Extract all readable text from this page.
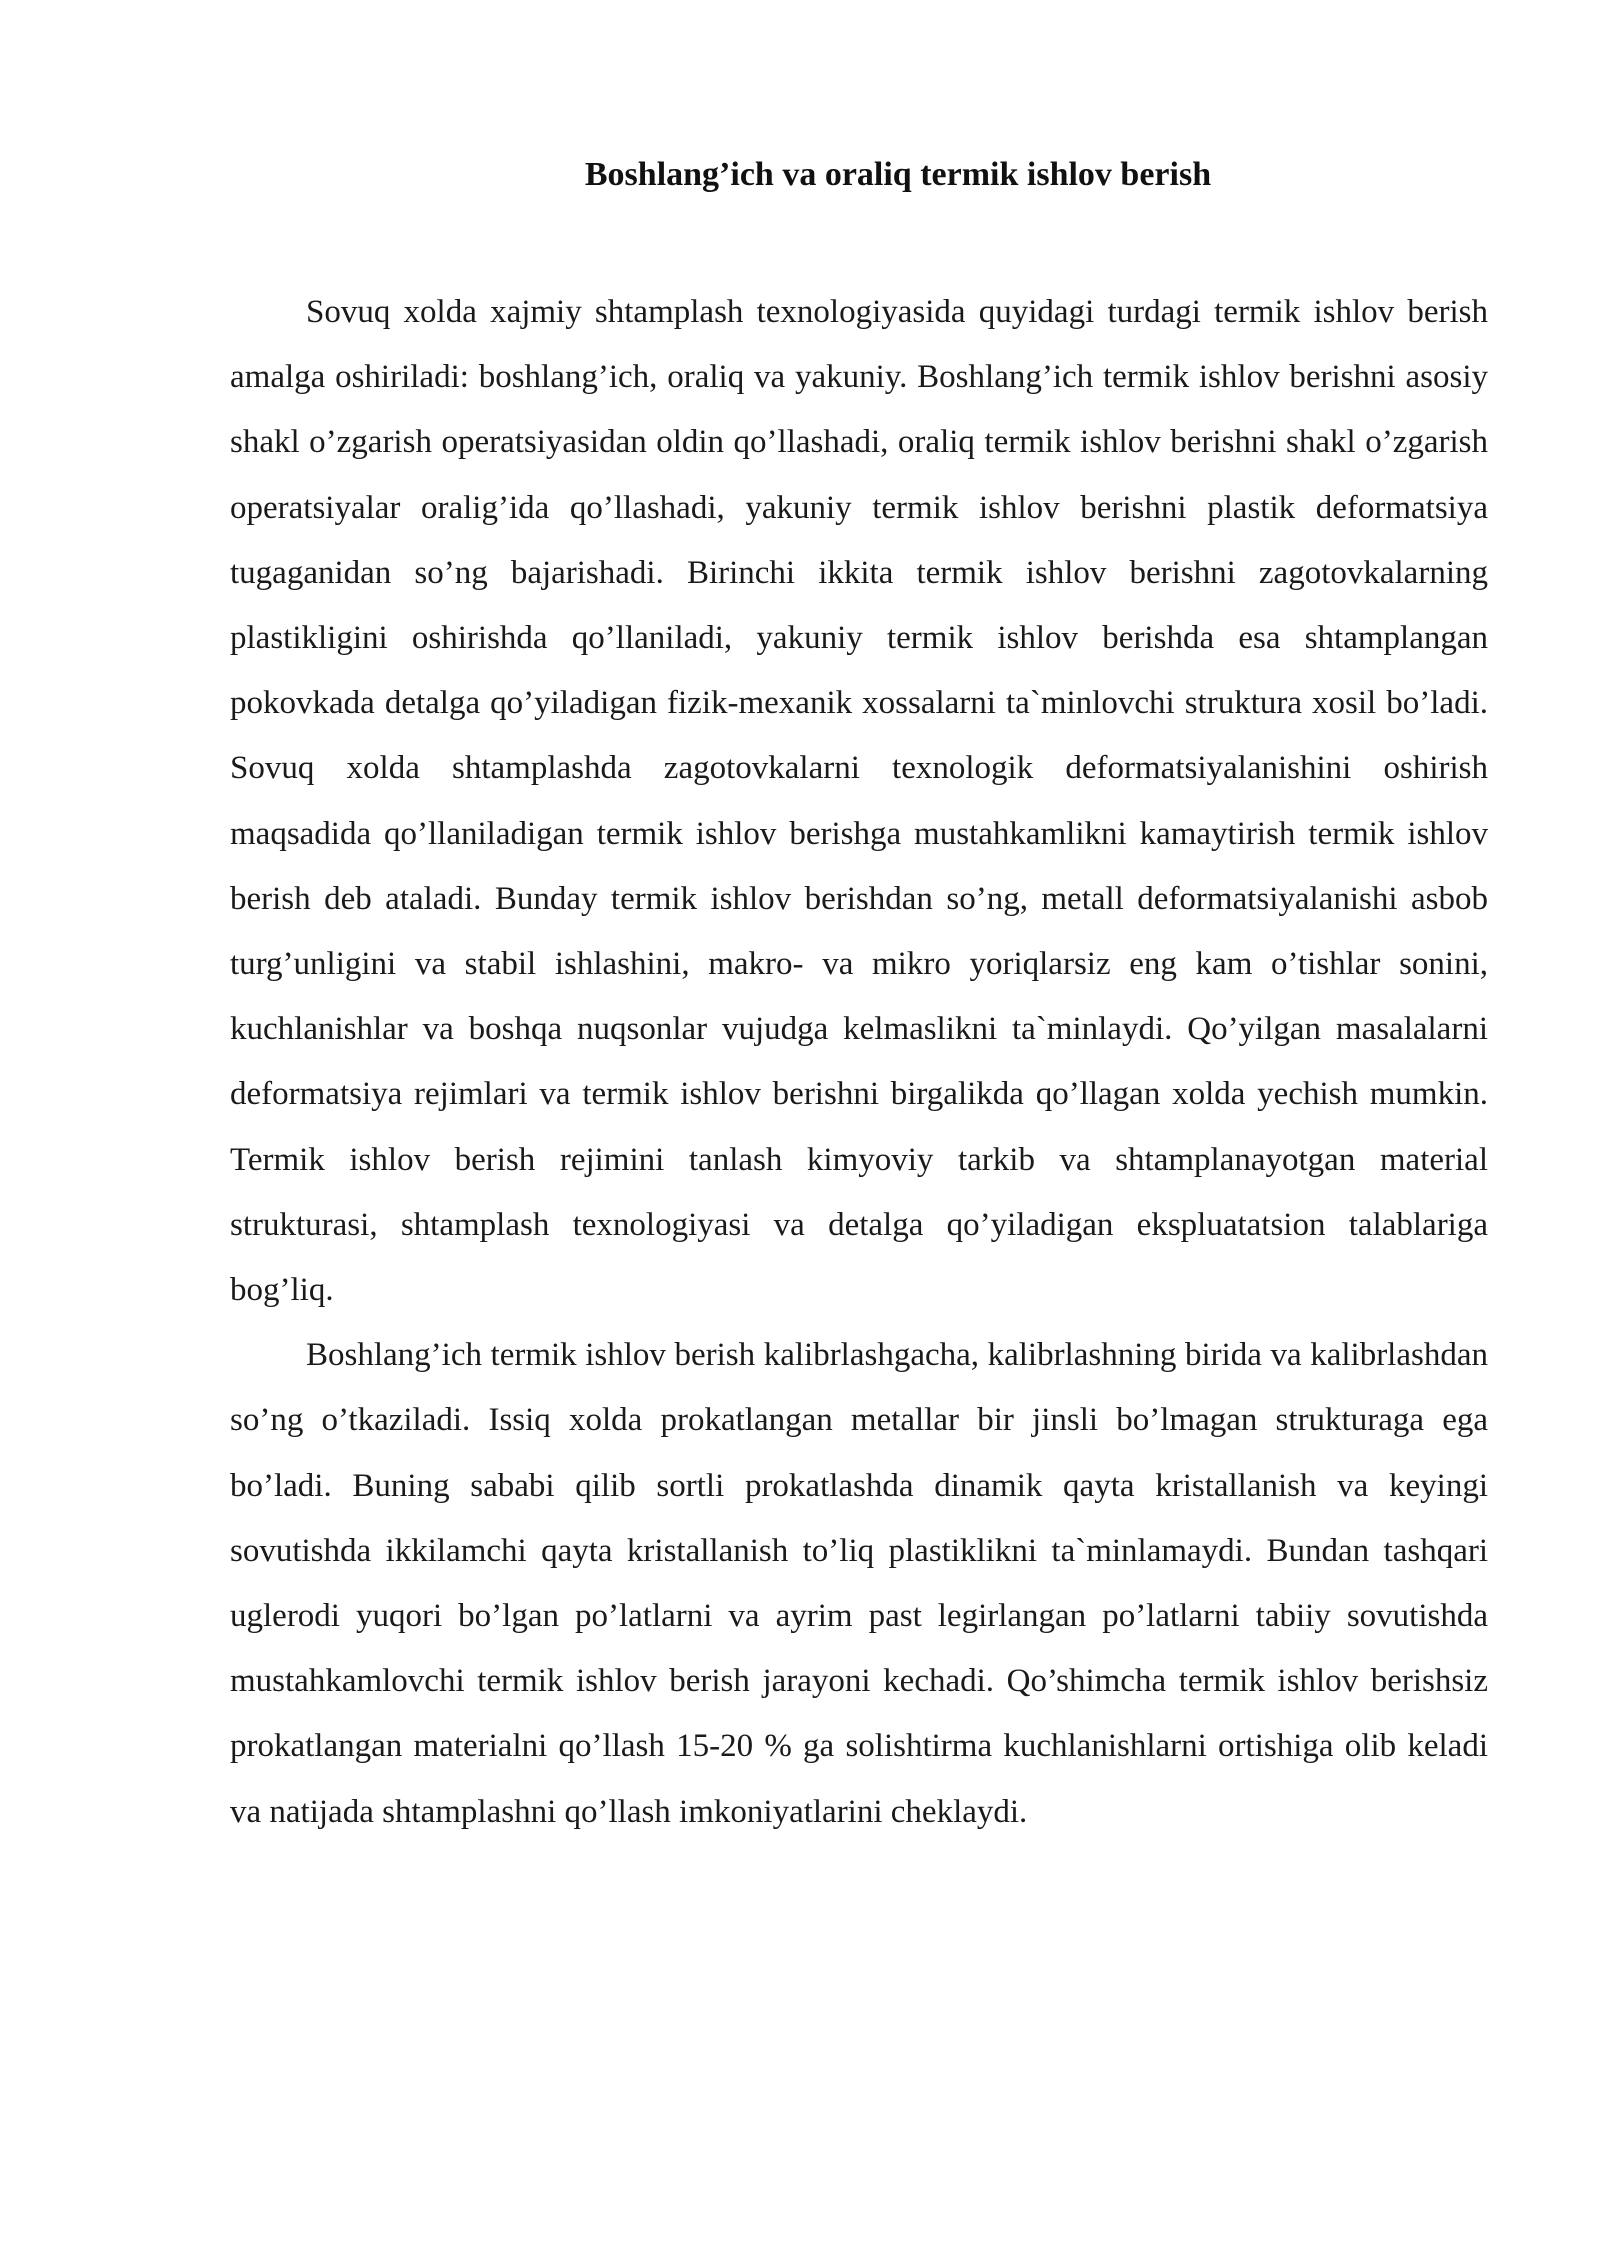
Boshlang’ich va oraliq termik ishlov berish

Sovuq xolda xajmiy shtamplash texnologiyasida quyidagi turdagi termik ishlov berish amalga oshiriladi: boshlang’ich, oraliq va yakuniy. Boshlang’ich termik ishlov berishni asosiy shakl o’zgarish operatsiyasidan oldin qo’llashadi, oraliq termik ishlov berishni shakl o’zgarish operatsiyalar oralig’ida qo’llashadi, yakuniy termik ishlov berishni plastik deformatsiya tugaganidan so’ng bajarishadi. Birinchi ikkita termik ishlov berishni zagotovkalarning plastikligini oshirishda qo’llaniladi, yakuniy termik ishlov berishda esa shtamplangan pokovkada detalga qo’yiladigan fizik-mexanik xossalarni ta`minlovchi struktura xosil bo’ladi. Sovuq xolda shtamplashda zagotovkalarni texnologik deformatsiyalanishini oshirish maqsadida qo’llaniladigan termik ishlov berishga mustahkamlikni kamaytirish termik ishlov berish deb ataladi. Bunday termik ishlov berishdan so’ng, metall deformatsiyalanishi asbob turg’unligini va stabil ishlashini, makro- va mikro yoriqlarsiz eng kam o’tishlar sonini, kuchlanishlar va boshqa nuqsonlar vujudga kelmaslikni ta`minlaydi. Qo’yilgan masalalarni deformatsiya rejimlari va termik ishlov berishni birgalikda qo’llagan xolda yechish mumkin. Termik ishlov berish rejimini tanlash kimyoviy tarkib va shtamplanayotgan material strukturasi, shtamplash texnologiyasi va detalga qo’yiladigan ekspluatatsion talablariga bog’liq.

Boshlang’ich termik ishlov berish kalibrlashgacha, kalibrlashning birida va kalibrlashdan so’ng o’tkaziladi. Issiq xolda prokatlangan metallar bir jinsli bo’lmagan strukturaga ega bo’ladi. Buning sababi qilib sortli prokatlashda dinamik qayta kristallanish va keyingi sovutishda ikkilamchi qayta kristallanish to’liq plastiklikni ta`minlamaydi. Bundan tashqari uglerodi yuqori bo’lgan po’latlarni va ayrim past legirlangan po’latlarni tabiiy sovutishda mustahkamlovchi termik ishlov berish jarayoni kechadi. Qo’shimcha termik ishlov berishsiz prokatlangan materialni qo’llash 15-20 % ga solishtirma kuchlanishlarni ortishiga olib keladi va natijada shtamplashni qo’llash imkoniyatlarini cheklaydi.
